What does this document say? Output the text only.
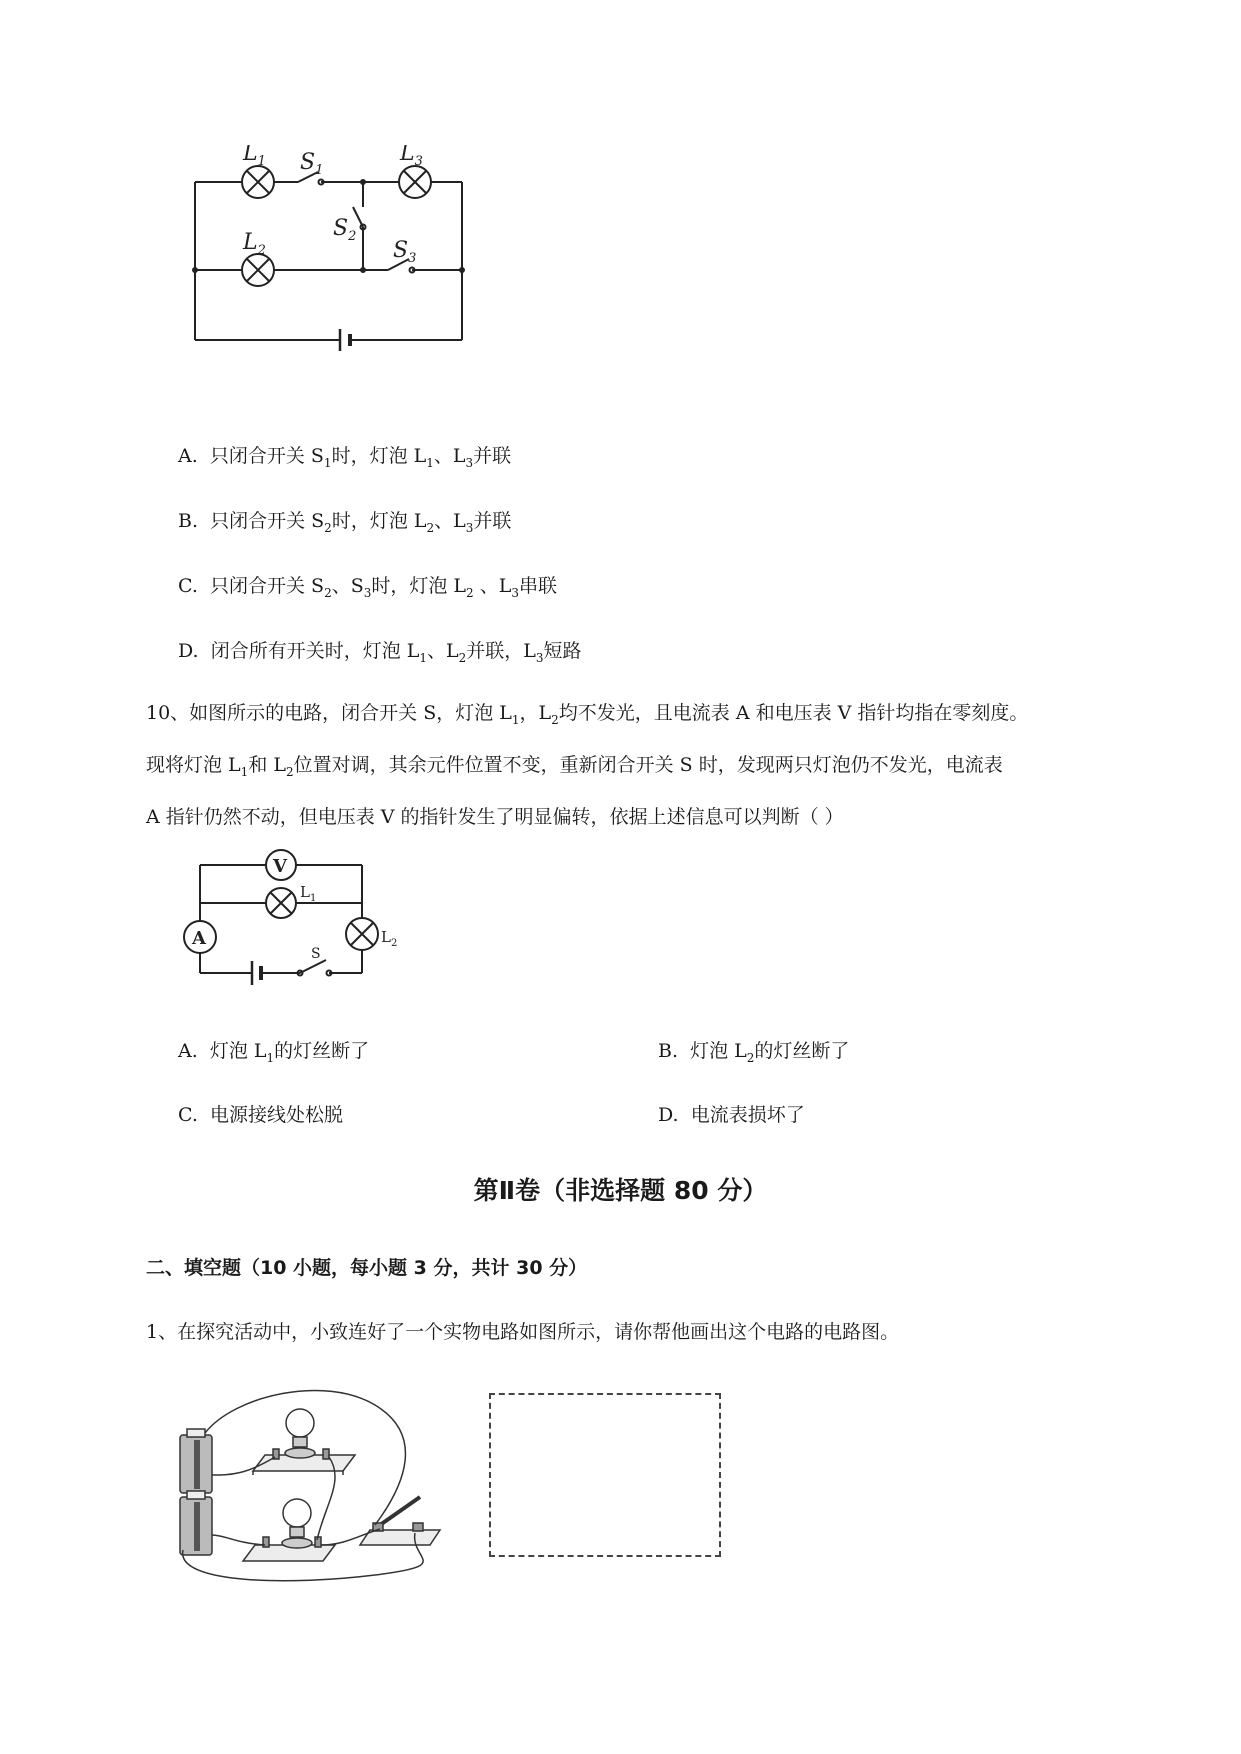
$L_1$ $S_1$
$L_3$
$S_2$
$L_2$	$S_3$
A. 只闭合开关 $S_1$时，灯泡 $L_1$、$L_3$并联
B. 只闭合开关 $S_2$时，灯泡 $L_2$、$L_3$并联
C. 只闭合开关 $S_2$、$S_3$时，灯泡 $L_2$ 、$L_3$串联
D. 闭合所有开关时，灯泡 $L_1$、$L_2$并联，$L_3$短路
10、如图所示的电路，闭合开关 S，灯泡 $L_1$，$L_2$均不发光，且电流表 A 和电压表 V 指针均指在零刻度。
现将灯泡 $L_1$和 $L_2$位置对调，其余元件位置不变，重新闭合开关 S 时，发现两只灯泡仍不发光，电流表
A 指针仍然不动，但电压表 V 的指针发生了明显偏转，依据上述信息可以判断（ ）
V
A
$L_1$
$L_2$
S
A. 灯泡 $L_1$的灯丝断了	B. 灯泡 $L_2$的灯丝断了
C. 电源接线处松脱	D. 电流表损坏了
第Ⅱ卷（非选择题 80 分）
二、填空题（10 小题，每小题 3 分，共计 30 分）
1、在探究活动中，小致连好了一个实物电路如图所示，请你帮他画出这个电路的电路图。
